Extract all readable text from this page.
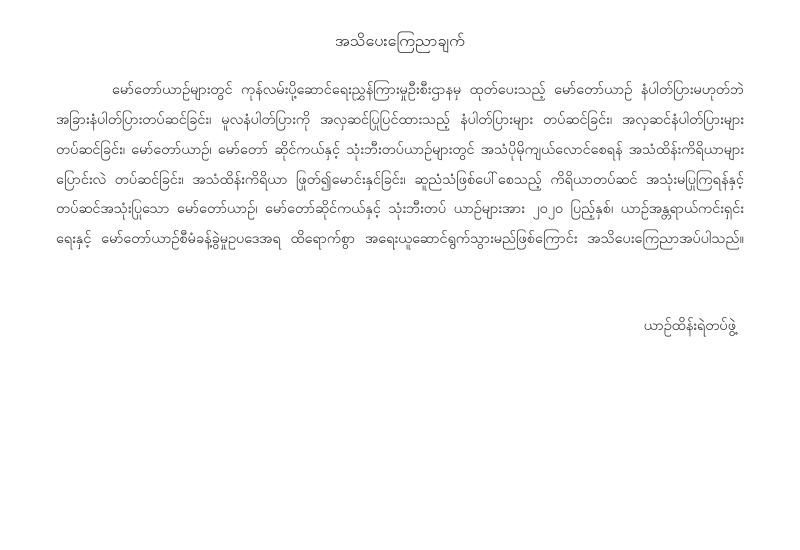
အသိပေးကြေညာချက်

မော်တော်ယာဉ်များတွင် ကုန်လမ်းပို့ဆောင်ရေးညွှန်ကြားမှုဦးစီးဌာနမှ ထုတ်ပေးသည့် မော်တော်ယာဉ် နံပါတ်ပြားမဟုတ်ဘဲ အခြားနံပါတ်ပြားတပ်ဆင်ခြင်း၊ မူလနံပါတ်ပြားကို အလှဆင်ပြုပြင်ထားသည့် နံပါတ်ပြားများ တပ်ဆင်ခြင်း၊ အလှဆင်နံပါတ်ပြားများတပ်ဆင်ခြင်း၊ မော်တော်ယာဉ်၊ မော်တော် ဆိုင်ကယ်နှင့် သုံးဘီးတပ်ယာဉ်များတွင် အသံပိုမိုကျယ်လောင်စေရန် အသံထိန်းကိရိယာများ ပြောင်းလဲ တပ်ဆင်ခြင်း၊ အသံထိန်းကိရိယာ ဖြုတ်၍မောင်းနှင်ခြင်း၊ ဆူညံသံဖြစ်ပေါ်စေသည့် ကိရိယာတပ်ဆင် အသုံးမပြုကြရန်နှင့် တပ်ဆင်အသုံးပြုသော မော်တော်ယာဉ်၊ မော်တော်ဆိုင်ကယ်နှင့် သုံးဘီးတပ် ယာဉ်များအား ၂၀၂၀ ပြည့်နှစ်၊ ယာဉ်အန္တရာယ်ကင်းရှင်းရေးနှင့် မော်တော်ယာဉ်စီမံခန့်ခွဲမှုဥပဒေအရ ထိရောက်စွာ အရေးယူဆောင်ရွက်သွားမည်ဖြစ်ကြောင်း အသိပေးကြေညာအပ်ပါသည်။

ယာဉ်ထိန်းရဲတပ်ဖွဲ့
